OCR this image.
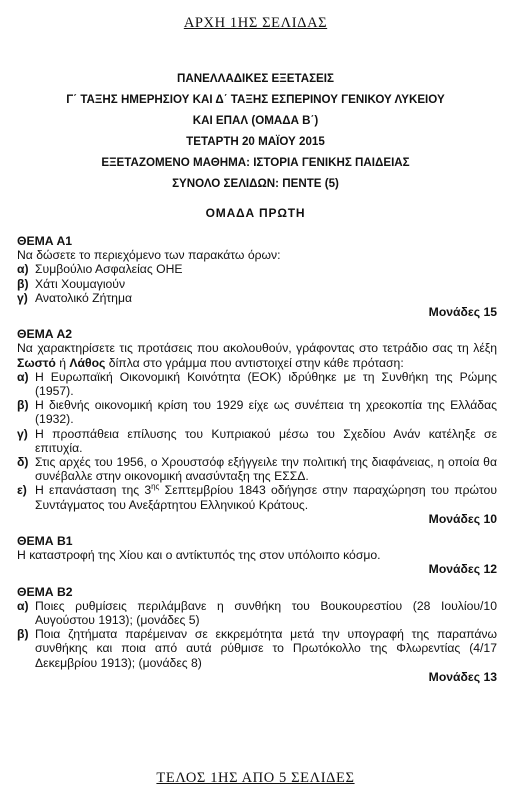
ΑΡΧΗ 1ΗΣ ΣΕΛΙΔΑΣ
ΠΑΝΕΛΛΑΔΙΚΕΣ ΕΞΕΤΑΣΕΙΣ
Γ΄ ΤΑΞΗΣ ΗΜΕΡΗΣΙΟΥ ΚΑΙ Δ΄ ΤΑΞΗΣ ΕΣΠΕΡΙΝΟΥ ΓΕΝΙΚΟΥ ΛΥΚΕΙΟΥ
ΚΑΙ ΕΠΑΛ (ΟΜΑΔΑ Β΄)
ΤΕΤΑΡΤΗ 20 ΜΑΪΟΥ 2015
ΕΞΕΤΑΖΟΜΕΝΟ ΜΑΘΗΜΑ: ΙΣΤΟΡΙΑ ΓΕΝΙΚΗΣ ΠΑΙΔΕΙΑΣ
ΣΥΝΟΛΟ ΣΕΛΙΔΩΝ: ΠΕΝΤΕ (5)
ΟΜΑΔΑ ΠΡΩΤΗ

ΘΕΜΑ Α1

Να δώσετε το περιεχόμενο των παρακάτω όρων:

α) Συμβούλιο Ασφαλείας ΟΗΕ
β) Χάτι Χουμαγιούν
γ) Ανατολικό Ζήτημα

Μονάδες 15

ΘΕΜΑ Α2

Να χαρακτηρίσετε τις προτάσεις που ακολουθούν, γράφοντας στο τετράδιο σας τη λέξη Σωστό ή Λάθος δίπλα στο γράμμα που αντιστοιχεί στην κάθε πρόταση:

α) Η Ευρωπαϊκή Οικονομική Κοινότητα (ΕΟΚ) ιδρύθηκε με τη Συνθήκη της Ρώμης (1957).
β) Η διεθνής οικονομική κρίση του 1929 είχε ως συνέπεια τη χρεοκοπία της Ελλάδας (1932).
γ) Η προσπάθεια επίλυσης του Κυπριακού μέσω του Σχεδίου Ανάν κατέληξε σε επιτυχία.
δ) Στις αρχές του 1956, ο Χρουστσόφ εξήγγειλε την πολιτική της διαφάνειας, η οποία θα συνέβαλλε στην οικονομική ανασύνταξη της ΕΣΣΔ.
ε) Η επανάσταση της $3^{\eta\varsigma}$ Σεπτεμβρίου 1843 οδήγησε στην παραχώρηση του πρώτου Συντάγματος του Ανεξάρτητου Ελληνικού Κράτους.

Μονάδες 10

ΘΕΜΑ Β1

Η καταστροφή της Χίου και ο αντίκτυπός της στον υπόλοιπο κόσμο.

Μονάδες 12

ΘΕΜΑ Β2

α) Ποιες ρυθμίσεις περιλάμβανε η συνθήκη του Βουκουρεστίου (28 Ιουλίου/10 Αυγούστου 1913); (μονάδες 5)
β) Ποια ζητήματα παρέμειναν σε εκκρεμότητα μετά την υπογραφή της παραπάνω συνθήκης και ποια από αυτά ρύθμισε το Πρωτόκολλο της Φλωρεντίας (4/17 Δεκεμβρίου 1913); (μονάδες 8)

Μονάδες 13

ΤΕΛΟΣ 1ΗΣ ΑΠΟ 5 ΣΕΛΙΔΕΣ
